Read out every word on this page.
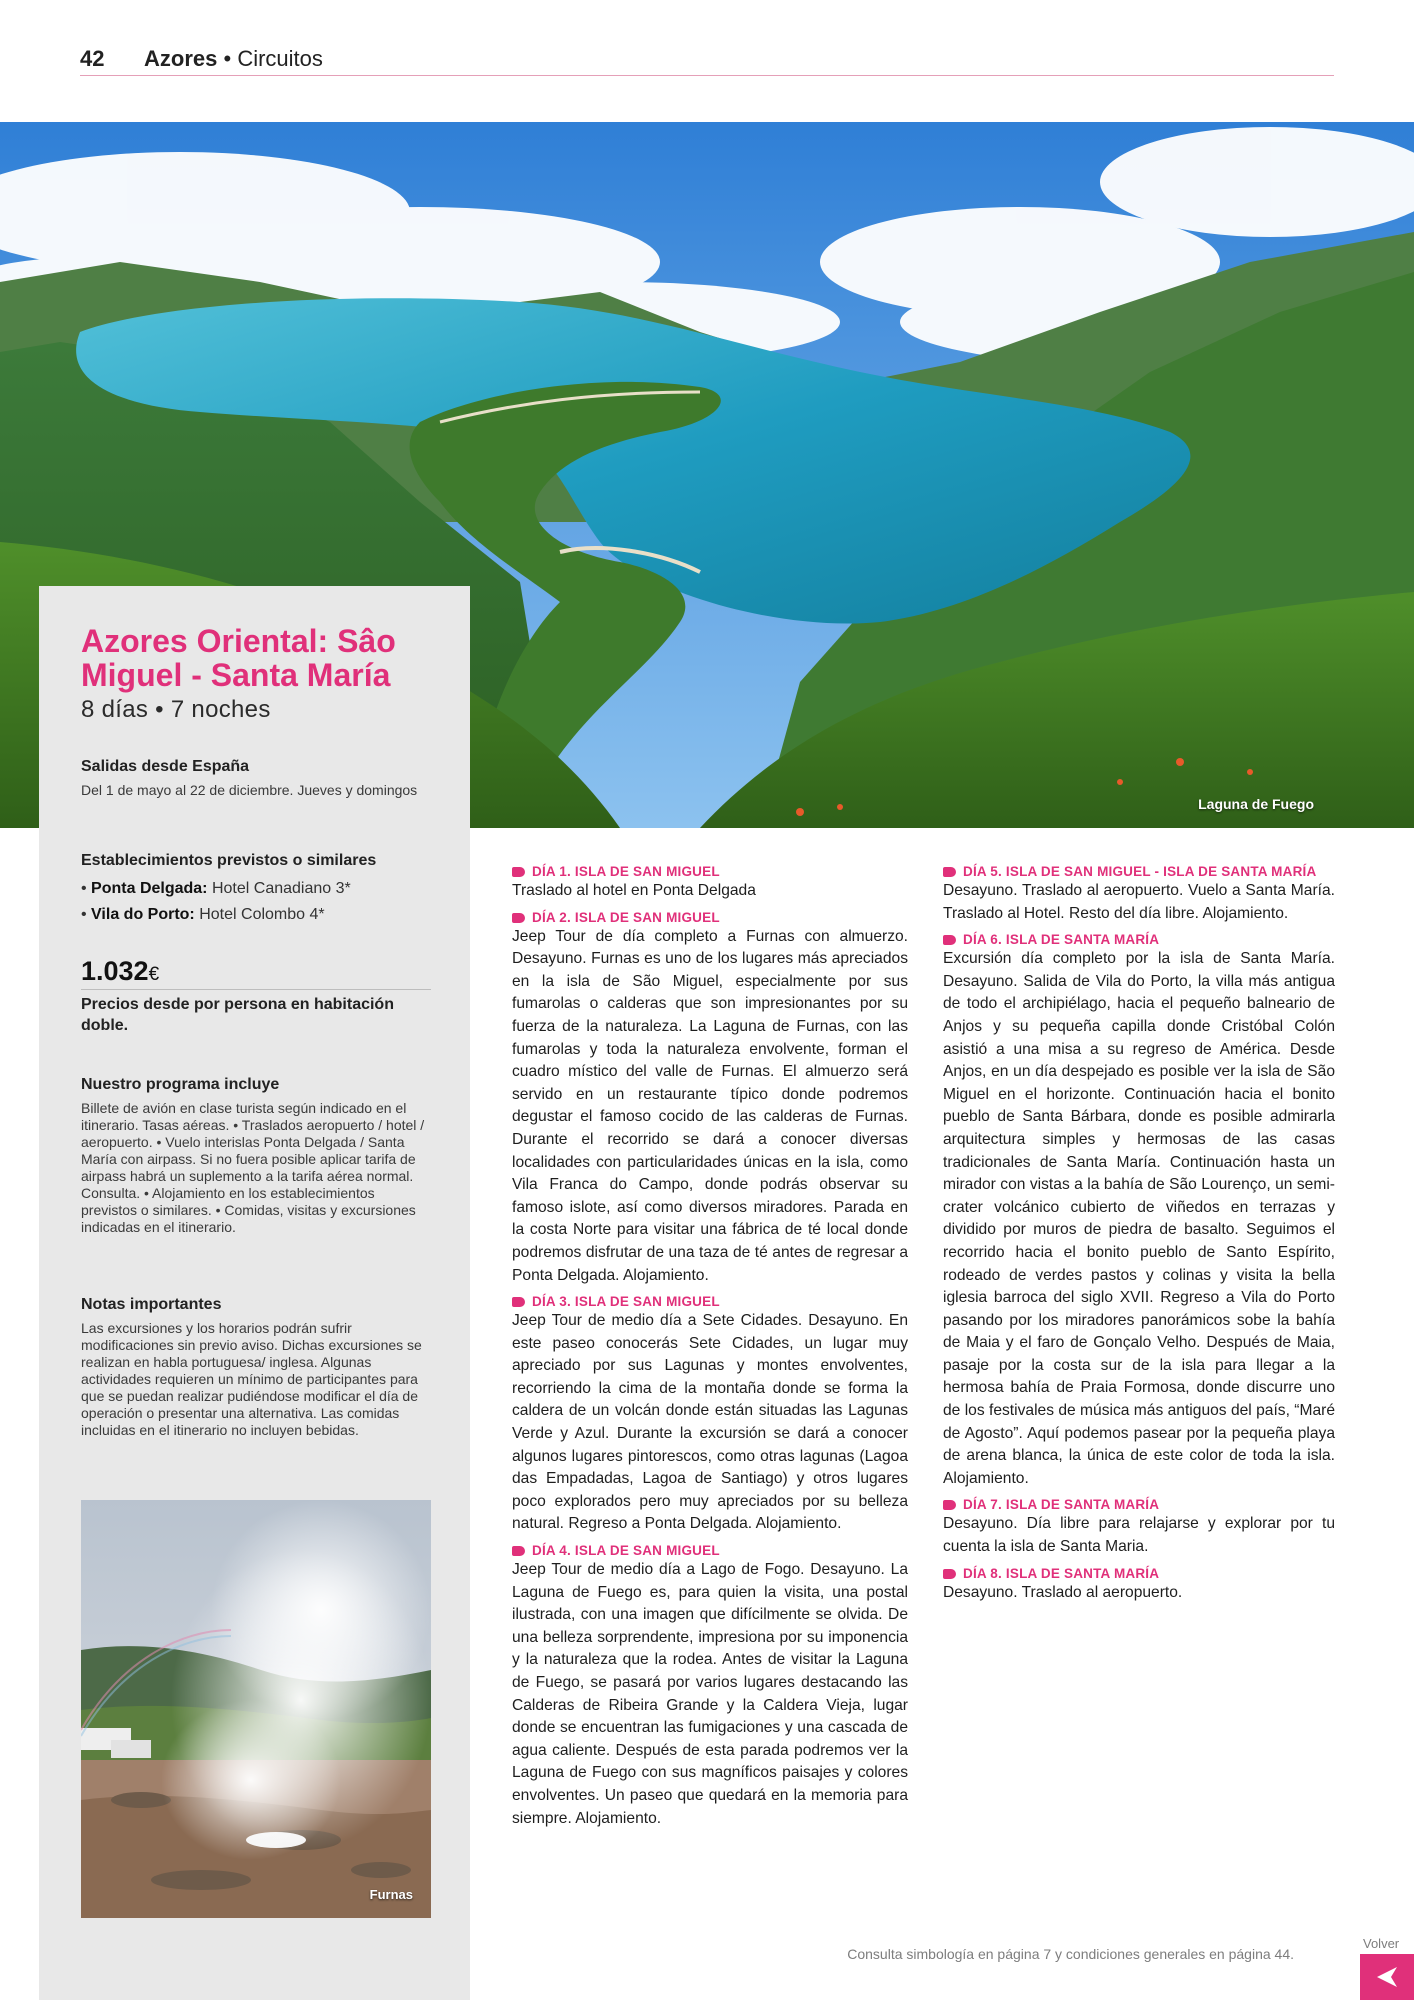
42 Azores • Circuitos
Laguna de Fuego
Azores Oriental: Sâo Miguel - Santa María
8 días • 7 noches
Salidas desde España
Del 1 de mayo al 22 de diciembre. Jueves y domingos
Establecimientos previstos o similares
• Ponta Delgada: Hotel Canadiano 3*
• Vila do Porto: Hotel Colombo 4*
1.032€
Precios desde por persona en habitación doble.
Nuestro programa incluye
Billete de avión en clase turista según indicado en el itinerario. Tasas aéreas. • Traslados aeropuerto / hotel / aeropuerto. • Vuelo interislas Ponta Delgada / Santa María con airpass. Si no fuera posible aplicar tarifa de airpass habrá un suplemento a la tarifa aérea normal. Consulta. • Alojamiento en los establecimientos previstos o similares. • Comidas, visitas y excursiones indicadas en el itinerario.
Notas importantes
Las excursiones y los horarios podrán sufrir modificaciones sin previo aviso. Dichas excursiones se realizan en habla portuguesa/ inglesa. Algunas actividades requieren un mínimo de participantes para que se puedan realizar pudiéndose modificar el día de operación o presentar una alternativa. Las comidas incluidas en el itinerario no incluyen bebidas.
Furnas
DÍA 1. ISLA DE SAN MIGUEL
Traslado al hotel en Ponta Delgada
DÍA 2. ISLA DE SAN MIGUEL
Jeep Tour de día completo a Furnas con almuerzo. Desayuno. Furnas es uno de los lugares más apreciados en la isla de São Miguel, especialmente por sus fumarolas o calderas que son impresionantes por su fuerza de la naturaleza. La Laguna de Furnas, con las fumarolas y toda la naturaleza envolvente, forman el cuadro místico del valle de Furnas. El almuerzo será servido en un restaurante típico donde podremos degustar el famoso cocido de las calderas de Furnas. Durante el recorrido se dará a conocer diversas localidades con particularidades únicas en la isla, como Vila Franca do Campo, donde podrás observar su famoso islote, así como diversos miradores. Parada en la costa Norte para visitar una fábrica de té local donde podremos disfrutar de una taza de té antes de regresar a Ponta Delgada. Alojamiento.
DÍA 3. ISLA DE SAN MIGUEL
Jeep Tour de medio día a Sete Cidades. Desayuno. En este paseo conocerás Sete Cidades, un lugar muy apreciado por sus Lagunas y montes envolventes, recorriendo la cima de la montaña donde se forma la caldera de un volcán donde están situadas las Lagunas Verde y Azul. Durante la excursión se dará a conocer algunos lugares pintorescos, como otras lagunas (Lagoa das Empadadas, Lagoa de Santiago) y otros lugares poco explorados pero muy apreciados por su belleza natural. Regreso a Ponta Delgada. Alojamiento.
DÍA 4. ISLA DE SAN MIGUEL
Jeep Tour de medio día a Lago de Fogo. Desayuno. La Laguna de Fuego es, para quien la visita, una postal ilustrada, con una imagen que difícilmente se olvida. De una belleza sorprendente, impresiona por su imponencia y la naturaleza que la rodea. Antes de visitar la Laguna de Fuego, se pasará por varios lugares destacando las Calderas de Ribeira Grande y la Caldera Vieja, lugar donde se encuentran las fumigaciones y una cascada de agua caliente. Después de esta parada podremos ver la Laguna de Fuego con sus magníficos paisajes y colores envolventes. Un paseo que quedará en la memoria para siempre. Alojamiento.
DÍA 5. ISLA DE SAN MIGUEL - ISLA DE SANTA MARÍA
Desayuno. Traslado al aeropuerto. Vuelo a Santa María. Traslado al Hotel. Resto del día libre. Alojamiento.
DÍA 6. ISLA DE SANTA MARÍA
Excursión día completo por la isla de Santa María. Desayuno. Salida de Vila do Porto, la villa más antigua de todo el archipiélago, hacia el pequeño balneario de Anjos y su pequeña capilla donde Cristóbal Colón asistió a una misa a su regreso de América. Desde Anjos, en un día despejado es posible ver la isla de São Miguel en el horizonte. Continuación hacia el bonito pueblo de Santa Bárbara, donde es posible admirarla arquitectura simples y hermosas de las casas tradicionales de Santa María. Continuación hasta un mirador con vistas a la bahía de São Lourenço, un semi-crater volcánico cubierto de viñedos en terrazas y dividido por muros de piedra de basalto. Seguimos el recorrido hacia el bonito pueblo de Santo Espírito, rodeado de verdes pastos y colinas y visita la bella iglesia barroca del siglo XVII. Regreso a Vila do Porto pasando por los miradores panorámicos sobe la bahía de Maia y el faro de Gonçalo Velho. Después de Maia, pasaje por la costa sur de la isla para llegar a la hermosa bahía de Praia Formosa, donde discurre uno de los festivales de música más antiguos del país, “Maré de Agosto”. Aquí podemos pasear por la pequeña playa de arena blanca, la única de este color de toda la isla. Alojamiento.
DÍA 7. ISLA DE SANTA MARÍA
Desayuno. Día libre para relajarse y explorar por tu cuenta la isla de Santa Maria.
DÍA 8. ISLA DE SANTA MARÍA
Desayuno. Traslado al aeropuerto.
Consulta simbología en página 7 y condiciones generales en página 44.
Volver
